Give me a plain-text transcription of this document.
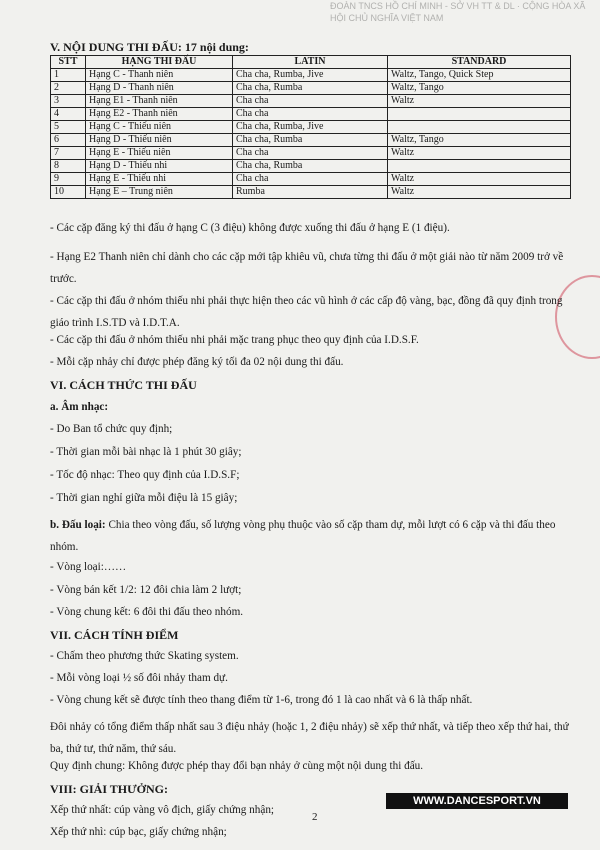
ĐOÀN TNCS HỒ CHÍ MINH - SỞ VH TT & DL · CỘNG HÒA XÃ HỘI CHỦ NGHĨA VIỆT NAM
V. NỘI DUNG THI ĐẤU: 17 nội dung:
STT	HẠNG THI ĐẤU	LATIN	STANDARD
1	Hạng C - Thanh niên	Cha cha, Rumba, Jive	Waltz, Tango, Quick Step
2	Hạng D - Thanh niên	Cha cha, Rumba	Waltz, Tango
3	Hạng E1 - Thanh niên	Cha cha	Waltz
4	Hạng E2 - Thanh niên	Cha cha	
5	Hạng C - Thiếu niên	Cha cha, Rumba, Jive	
6	Hạng D - Thiếu niên	Cha cha, Rumba	Waltz, Tango
7	Hạng E - Thiếu niên	Cha cha	Waltz
8	Hạng D - Thiếu nhi	Cha cha, Rumba	
9	Hạng E - Thiếu nhi	Cha cha	Waltz
10	Hạng E – Trung niên	Rumba	Waltz
- Các cặp đăng ký thi đấu ở hạng C (3 điệu) không được xuống thi đấu ở hạng E (1 điệu).
- Hạng E2 Thanh niên chỉ dành cho các cặp mới tập khiêu vũ, chưa từng thi đấu ở một giải nào từ năm 2009 trở về trước.
- Các cặp thi đấu ở nhóm thiếu nhi phải thực hiện theo các vũ hình ở các cấp độ vàng, bạc, đồng đã quy định trong giáo trình I.S.TD và I.D.T.A.
- Các cặp thi đấu ở nhóm thiếu nhi phải mặc trang phục theo quy định của I.D.S.F.
- Mỗi cặp nhảy chỉ được phép đăng ký tối đa 02 nội dung thi đấu.
VI. CÁCH THỨC THI ĐẤU
a. Âm nhạc:
- Do Ban tổ chức quy định;
- Thời gian mỗi bài nhạc là 1 phút 30 giây;
- Tốc độ nhạc: Theo quy định của I.D.S.F;
- Thời gian nghỉ giữa mỗi điệu là 15 giây;
b. Đấu loại: Chia theo vòng đấu, số lượng vòng phụ thuộc vào số cặp tham dự, mỗi lượt có 6 cặp và thi đấu theo nhóm.
- Vòng loại:……
- Vòng bán kết 1/2: 12 đôi chia làm 2 lượt;
- Vòng chung kết: 6 đôi thi đấu theo nhóm.
VII. CÁCH TÍNH ĐIỂM
- Chấm theo phương thức Skating system.
- Mỗi vòng loại ½ số đôi nhảy tham dự.
- Vòng chung kết sẽ được tính theo thang điểm từ 1-6, trong đó 1 là cao nhất và 6 là thấp nhất.
Đôi nhảy có tổng điểm thấp nhất sau 3 điệu nhảy (hoặc 1, 2 điệu nhảy) sẽ xếp thứ nhất, và tiếp theo xếp thứ hai, thứ ba, thứ tư, thứ năm, thứ sáu.
Quy định chung: Không được phép thay đổi bạn nhảy ở cùng một nội dung thi đấu.
VIII: GIẢI THƯỞNG:
Xếp thứ nhất: cúp vàng vô địch, giấy chứng nhận;
Xếp thứ nhì: cúp bạc, giấy chứng nhận;
WWW.DANCESPORT.VN
2
